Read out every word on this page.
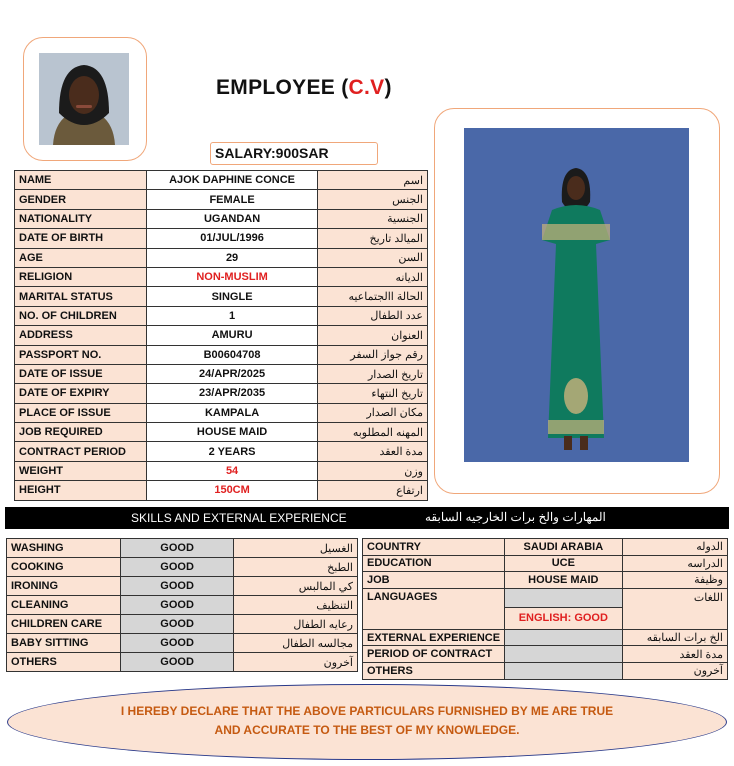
EMPLOYEE (C.V)
SALARY:900SAR
NAME	AJOK DAPHINE CONCE	اسم
GENDER	FEMALE	الجنس
NATIONALITY	UGANDAN	الجنسية
DATE OF BIRTH	01/JUL/1996	الميالد تاريخ
AGE	29	السن
RELIGION	NON-MUSLIM	الديانه
MARITAL STATUS	SINGLE	الحالة االجتماعيه
NO. OF CHILDREN	1	عدد الطفال
ADDRESS	AMURU	العنوان
PASSPORT NO.	B00604708	رقم جواز السفر
DATE OF ISSUE	24/APR/2025	تاريخ الصدار
DATE OF EXPIRY	23/APR/2035	تاريخ النتهاء
PLACE OF ISSUE	KAMPALA	مكان الصدار
JOB REQUIRED	HOUSE MAID	المهنه المطلوبه
CONTRACT PERIOD	2 YEARS	مدة العقد
WEIGHT	54	وزن
HEIGHT	150CM	ارتفاع
SKILLS AND EXTERNAL EXPERIENCE	المهارات والخ برات الخارجيه السابقه
WASHING	GOOD	الغسيل
COOKING	GOOD	الطبخ
IRONING	GOOD	كي المالبس
CLEANING	GOOD	التنظيف
CHILDREN CARE	GOOD	رعايه الطفال
BABY SITTING	GOOD	مجالسه الطفال
OTHERS	GOOD	آخرون
COUNTRY	SAUDI ARABIA	الدوله
EDUCATION	UCE	الدراسه
JOB	HOUSE MAID	وظيفة
LANGUAGES		اللغات
	ENGLISH: GOOD	
EXTERNAL EXPERIENCE		الخ برات السابقه
PERIOD OF CONTRACT		مدة العقد
OTHERS		آخرون
I HEREBY DECLARE THAT THE ABOVE PARTICULARS FURNISHED BY ME ARE TRUE AND ACCURATE TO THE BEST OF MY KNOWLEDGE.
